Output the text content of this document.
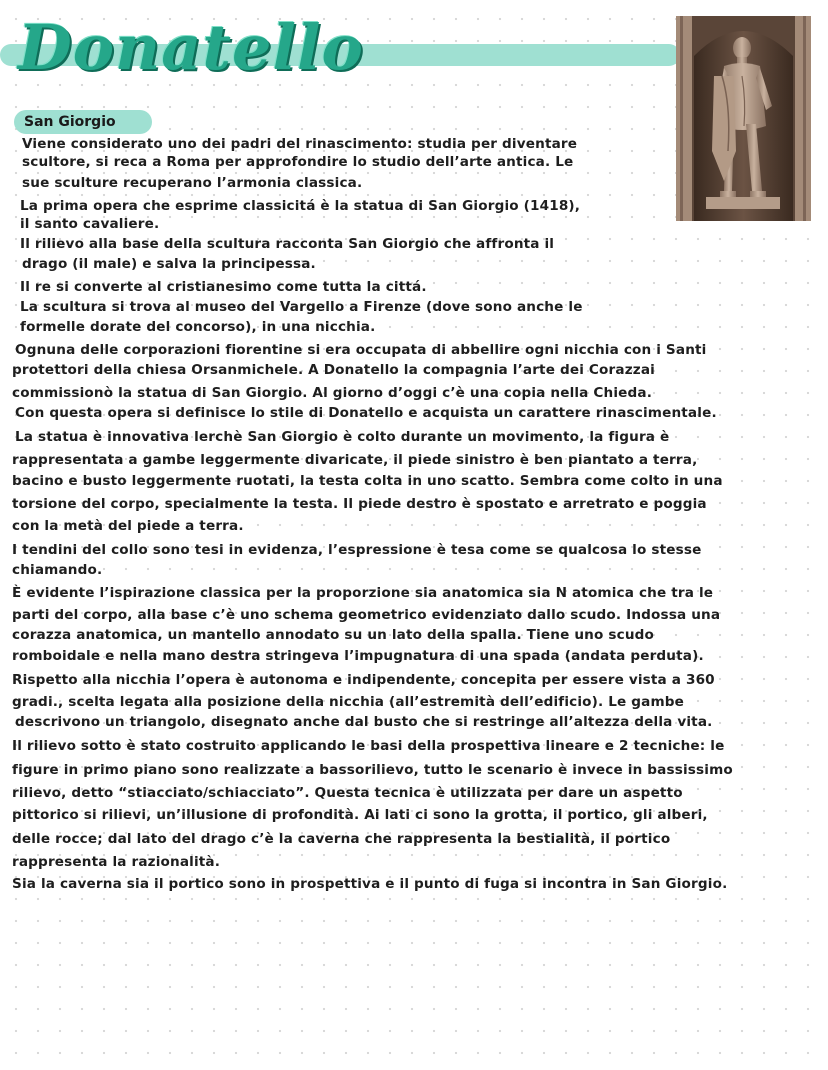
Donatello
San Giorgio
Viene considerato uno dei padri del rinascimento: studia per diventare
scultore, si reca a Roma per approfondire lo studio dell’arte antica. Le
sue sculture recuperano l’armonia classica.
La prima opera che esprime classicitá è la statua di San Giorgio (1418),
il santo cavaliere.
Il rilievo alla base della scultura racconta San Giorgio che affronta il
drago (il male) e salva la principessa.
Il re si converte al cristianesimo come tutta la cittá.
La scultura si trova al museo del Vargello a Firenze (dove sono anche le
formelle dorate del concorso), in una nicchia.
Ognuna delle corporazioni fiorentine si era occupata di abbellire ogni nicchia con i Santi
protettori della chiesa Orsanmichele. A Donatello la compagnia l’arte dei Corazzai
commissionò la statua di San Giorgio. Al giorno d’oggi c’è una copia nella Chieda.
Con questa opera si definisce lo stile di Donatello e acquista un carattere rinascimentale.
La statua è innovativa lerchè San Giorgio è colto durante un movimento, la figura è
rappresentata a gambe leggermente divaricate, il piede sinistro è ben piantato a terra,
bacino e busto leggermente ruotati, la testa colta in uno scatto. Sembra come colto in una
torsione del corpo, specialmente la testa. Il piede destro è spostato e arretrato e poggia
con la metà del piede a terra.
I tendini del collo sono tesi in evidenza, l’espressione è tesa come se qualcosa lo stesse
chiamando.
È evidente l’ispirazione classica per la proporzione sia anatomica sia N atomica che tra le
parti del corpo, alla base c’è uno schema geometrico evidenziato dallo scudo. Indossa una
corazza anatomica, un mantello annodato su un lato della spalla. Tiene uno scudo
romboidale e nella mano destra stringeva l’impugnatura di una spada (andata perduta).
Rispetto alla nicchia l’opera è autonoma e indipendente, concepita per essere vista a 360
gradi., scelta legata alla posizione della nicchia (all’estremità dell’edificio). Le gambe
descrivono un triangolo, disegnato anche dal busto che si restringe all’altezza della vita.
Il rilievo sotto è stato costruito applicando le basi della prospettiva lineare e 2 tecniche: le
figure in primo piano sono realizzate a bassorilievo, tutto le scenario è invece in bassissimo
rilievo, detto “stiacciato/schiacciato”. Questa tecnica è utilizzata per dare un aspetto
pittorico si rilievi, un’illusione di profondità. Ai lati ci sono la grotta, il portico, gli alberi,
delle rocce; dal lato del drago c’è la caverna che rappresenta la bestialità, il portico
rappresenta la razionalità.
Sia la caverna sia il portico sono in prospettiva e il punto di fuga si incontra in San Giorgio.
